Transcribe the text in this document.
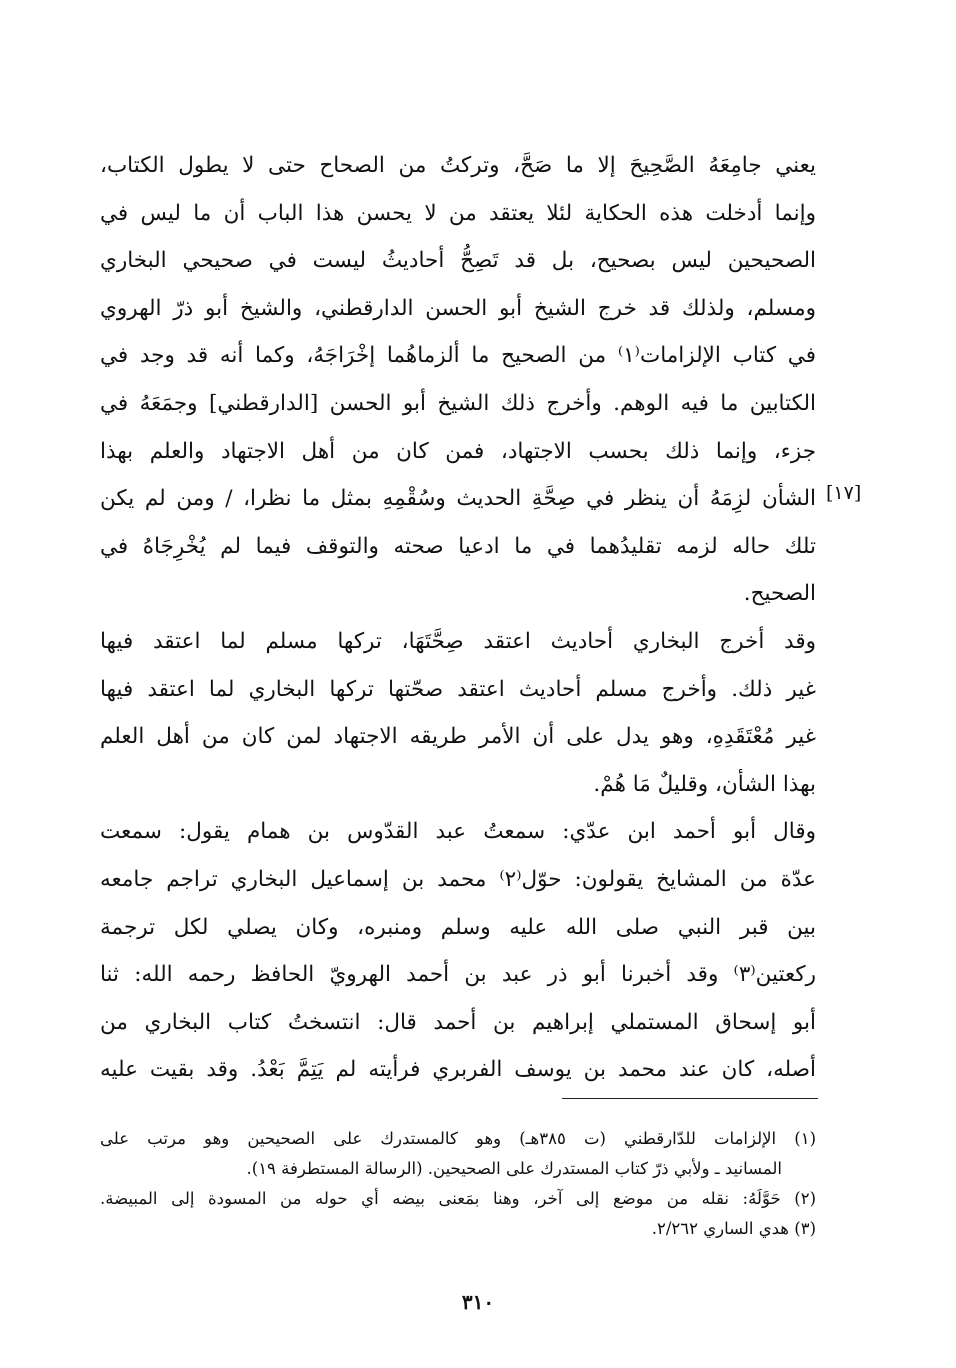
يعني جامِعَهُ الصَّحِيحَ إلا ما صَحَّ، وتركتُ من الصحاح حتى لا يطول الكتاب،
وإنما أدخلت هذه الحكاية لئلا يعتقد من لا يحسن هذا الباب أن ما ليس في
الصحيحين ليس بصحيح، بل قد تَصِحُّ أحاديثُ ليست في صحيحي البخاري
ومسلم، ولذلك قد خرج الشيخ أبو الحسن الدارقطني، والشيخ أبو ذرّ الهروي
في كتاب الإلزامات⁽١⁾ من الصحيح ما ألزماهُما إخْرَاجَهُ، وكما أنه قد وجد في
الكتابين ما فيه الوهم. وأخرج ذلك الشيخ أبو الحسن [الدارقطني] وجمَعَهُ في
جزء، وإنما ذلك بحسب الاجتهاد، فمن كان من أهل الاجتهاد والعلم بهذا
الشأن لزِمَهُ أن ينظر في صِحَّةِ الحديث وسُقْمِهِ بمثل ما نظرا، / ومن لم يكن
تلك حاله لزمه تقليدُهما في ما ادعيا صحته والتوقف فيما لم يُخْرِجَاهُ في
الصحيح.
وقد أخرج البخاري أحاديث اعتقد صِحَّتَهَا، تركها مسلم لما اعتقد فيها
غير ذلك. وأخرج مسلم أحاديث اعتقد صحّتها تركها البخاري لما اعتقد فيها
غير مُعْتَقَدِهِ، وهو يدل على أن الأمر طريقه الاجتهاد لمن كان من أهل العلم
بهذا الشأن، وقليلٌ مَا هُمْ.
وقال أبو أحمد ابن عدّي: سمعتُ عبد القدّوس بن همام يقول: سمعت
عدّة من المشايخ يقولون: حوّل⁽٢⁾ محمد بن إسماعيل البخاري تراجم جامعه
بين قبر النبي صلى الله عليه وسلم ومنبره، وكان يصلي لكل ترجمة
ركعتين⁽٣⁾ وقد أخبرنا أبو ذر عبد بن أحمد الهرويّ الحافظ رحمه الله: ثنا
أبو إسحاق المستملي إبراهيم بن أحمد قال: انتسختُ كتاب البخاري من
أصله، كان عند محمد بن يوسف الفربري فرأيته لم يَتِمَّ بَعْدُ. وقد بقيت عليه
[١٧]
(١) الإلزامات للدّارقطني (ت ٣٨٥هـ) وهو كالمستدرك على الصحيحين وهو مرتب على
المسانيد ـ ولأبي ذرّ كتاب المستدرك على الصحيحين. (الرسالة المستطرفة ١٩).
(٢) حَوَّلَهُ: نقله من موضع إلى آخر، وهنا بمَعنى بيضه أي حوله من المسودة إلى المبيضة.
(٣) هدي الساري ٢/٢٦٢.
٣١٠
